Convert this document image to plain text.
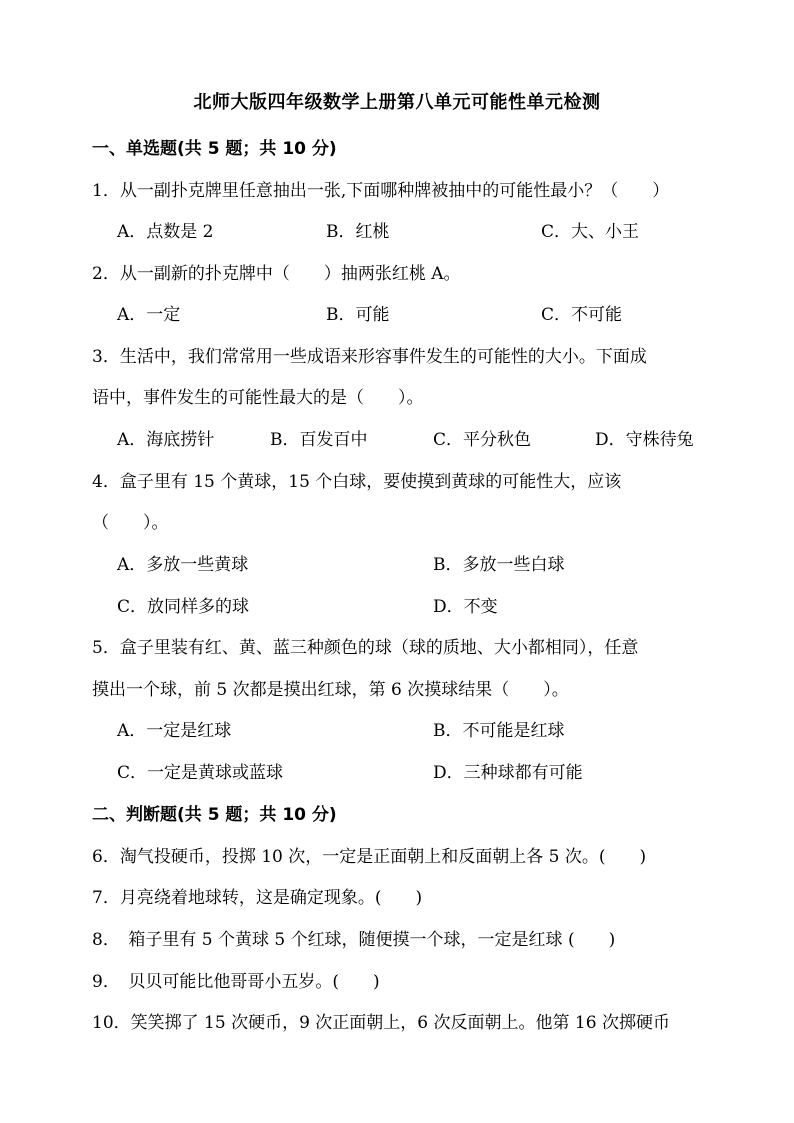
北师大版四年级数学上册第八单元可能性单元检测
一、单选题(共 5 题；共 10 分)
1．从一副扑克牌里任意抽出一张,下面哪种牌被抽中的可能性最小？（　　）
A．点数是 2	B．红桃	C．大、小王
2．从一副新的扑克牌中（　　）抽两张红桃 A。
A．一定	B．可能	C．不可能
3．生活中，我们常常用一些成语来形容事件发生的可能性的大小。下面成
语中，事件发生的可能性最大的是（　　）。
A．海底捞针	B．百发百中	C．平分秋色	D．守株待兔
4．盒子里有 15 个黄球，15 个白球，要使摸到黄球的可能性大，应该
（　　）。
A．多放一些黄球	B．多放一些白球
C．放同样多的球	D．不变
5．盒子里装有红、黄、蓝三种颜色的球（球的质地、大小都相同），任意
摸出一个球，前 5 次都是摸出红球，第 6 次摸球结果（　　）。
A．一定是红球	B．不可能是红球
C．一定是黄球或蓝球	D．三种球都有可能
二、判断题(共 5 题；共 10 分)
6．淘气投硬币，投掷 10 次，一定是正面朝上和反面朝上各 5 次。(　　)
7．月亮绕着地球转，这是确定现象。(　　)
8．　箱子里有 5 个黄球 5 个红球，随便摸一个球，一定是红球 (　　)
9．　贝贝可能比他哥哥小五岁。(　　)
10．笑笑掷了 15 次硬币，9 次正面朝上，6 次反面朝上。他第 16 次掷硬币
